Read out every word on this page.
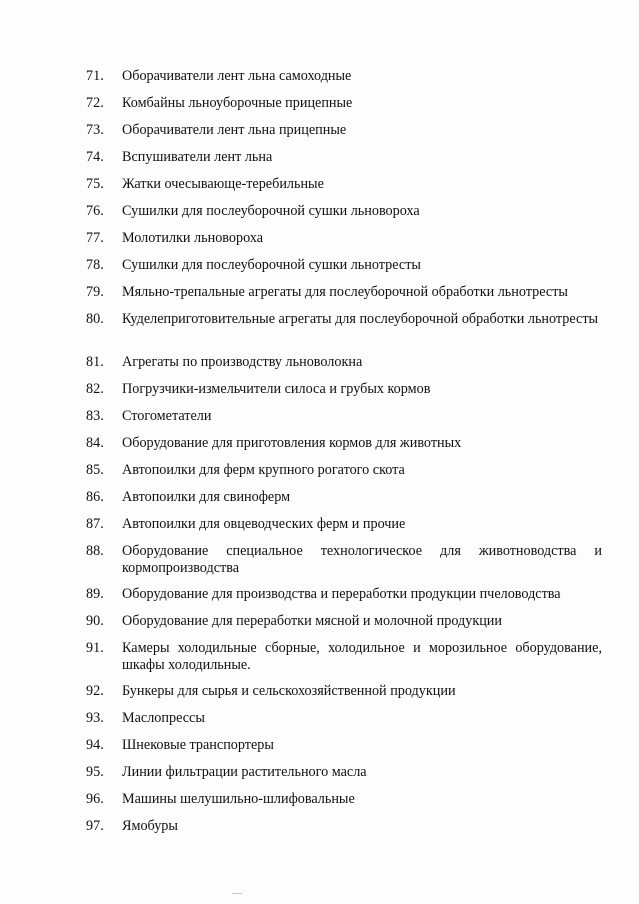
71.	Оборачиватели лент льна самоходные
72.	Комбайны льноуборочные прицепные
73.	Оборачиватели лент льна прицепные
74.	Вспушиватели лент льна
75.	Жатки очесывающе-теребильные
76.	Сушилки для послеуборочной сушки льновороха
77.	Молотилки льновороха
78.	Сушилки для послеуборочной сушки льнотресты
79.	Мяльно-трепальные агрегаты для послеуборочной обработки льнотресты
80.	Куделеприготовительные агрегаты для послеуборочной обработки льнотресты
81.	Агрегаты по производству льноволокна
82.	Погрузчики-измельчители силоса и грубых кормов
83.	Стогометатели
84.	Оборудование для приготовления кормов для животных
85.	Автопоилки для ферм крупного рогатого скота
86.	Автопоилки для свиноферм
87.	Автопоилки для овцеводческих ферм и прочие
88.	Оборудование специальное технологическое для животноводства и кормопроизводства
89.	Оборудование для производства и переработки продукции пчеловодства
90.	Оборудование для переработки мясной и молочной продукции
91.	Камеры холодильные сборные, холодильное и морозильное оборудование, шкафы холодильные.
92.	Бункеры для сырья и сельскохозяйственной продукции
93.	Маслопрессы
94.	Шнековые транспортеры
95.	Линии фильтрации растительного масла
96.	Машины шелушильно-шлифовальные
97.	Ямобуры
